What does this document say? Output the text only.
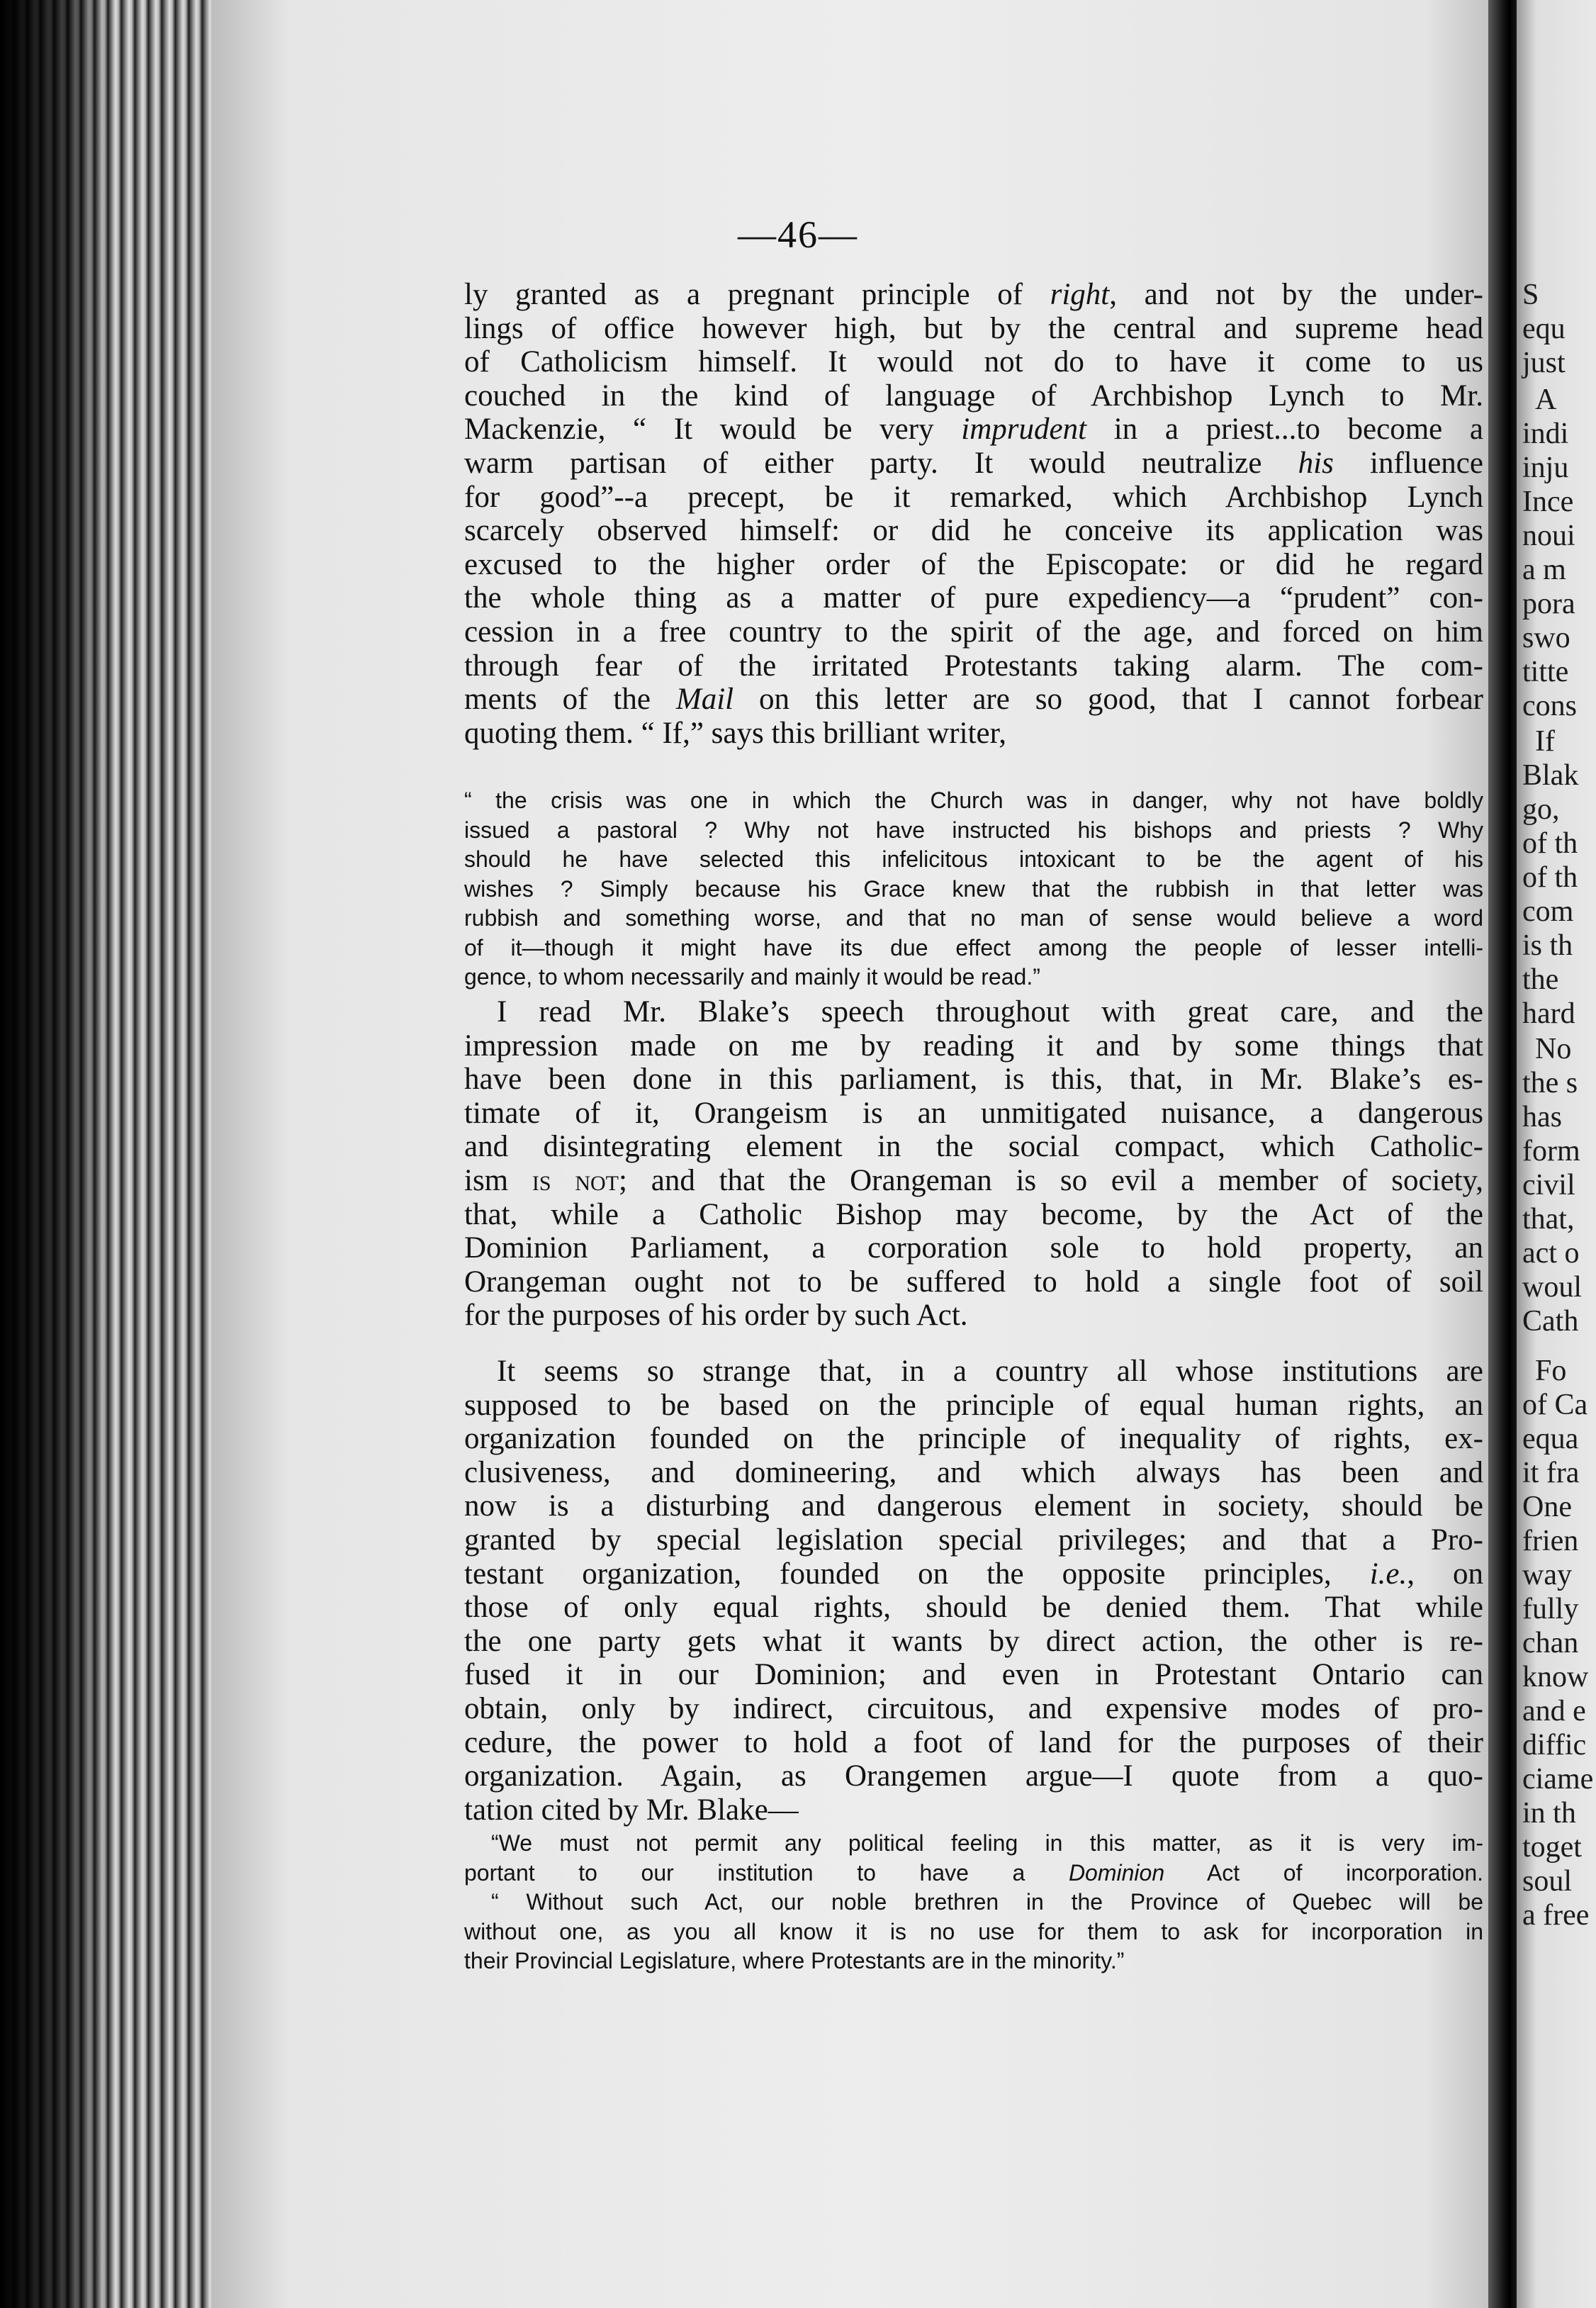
S
equ
just
A
indi
inju
Ince
noui
a m
pora
swo
titte
cons
If
Blak
go,
of th
of th
com
is th
the
hard
No
the s
has
form
civil
that,
act o
woul
Cath
Fo
of Ca
equa
it fra
One
frien
way
fully
chan
know
and e
diffic
ciame
in th
toget
soul
a free
—46—
ly granted as a pregnant principle of right, and not by the under-
lings of office however high, but by the central and supreme head
of Catholicism himself. It would not do to have it come to us
couched in the kind of language of Archbishop Lynch to Mr.
Mackenzie, “ It would be very imprudent in a priest...to become a
warm partisan of either party. It would neutralize his influence
for good”--a precept, be it remarked, which Archbishop Lynch
scarcely observed himself: or did he conceive its application was
excused to the higher order of the Episcopate: or did he regard
the whole thing as a matter of pure expediency—a “prudent” con-
cession in a free country to the spirit of the age, and forced on him
through fear of the irritated Protestants taking alarm. The com-
ments of the Mail on this letter are so good, that I cannot forbear
quoting them. “ If,” says this brilliant writer,
“ the crisis was one in which the Church was in danger, why not have boldly
issued a pastoral ? Why not have instructed his bishops and priests ? Why
should he have selected this infelicitous intoxicant to be the agent of his
wishes ? Simply because his Grace knew that the rubbish in that letter was
rubbish and something worse, and that no man of sense would believe a word
of it—though it might have its due effect among the people of lesser intelli-
gence, to whom necessarily and mainly it would be read.”
I read Mr. Blake’s speech throughout with great care, and the
impression made on me by reading it and by some things that
have been done in this parliament, is this, that, in Mr. Blake’s es-
timate of it, Orangeism is an unmitigated nuisance, a dangerous
and disintegrating element in the social compact, which Catholic-
ism is not; and that the Orangeman is so evil a member of society,
that, while a Catholic Bishop may become, by the Act of the
Dominion Parliament, a corporation sole to hold property, an
Orangeman ought not to be suffered to hold a single foot of soil
for the purposes of his order by such Act.
It seems so strange that, in a country all whose institutions are
supposed to be based on the principle of equal human rights, an
organization founded on the principle of inequality of rights, ex-
clusiveness, and domineering, and which always has been and
now is a disturbing and dangerous element in society, should be
granted by special legislation special privileges; and that a Pro-
testant organization, founded on the opposite principles, i.e., on
those of only equal rights, should be denied them. That while
the one party gets what it wants by direct action, the other is re-
fused it in our Dominion; and even in Protestant Ontario can
obtain, only by indirect, circuitous, and expensive modes of pro-
cedure, the power to hold a foot of land for the purposes of their
organization. Again, as Orangemen argue—I quote from a quo-
tation cited by Mr. Blake—
“We must not permit any political feeling in this matter, as it is very im-
portant to our institution to have a Dominion Act of incorporation.
“ Without such Act, our noble brethren in the Province of Quebec will be
without one, as you all know it is no use for them to ask for incorporation in
their Provincial Legislature, where Protestants are in the minority.”
